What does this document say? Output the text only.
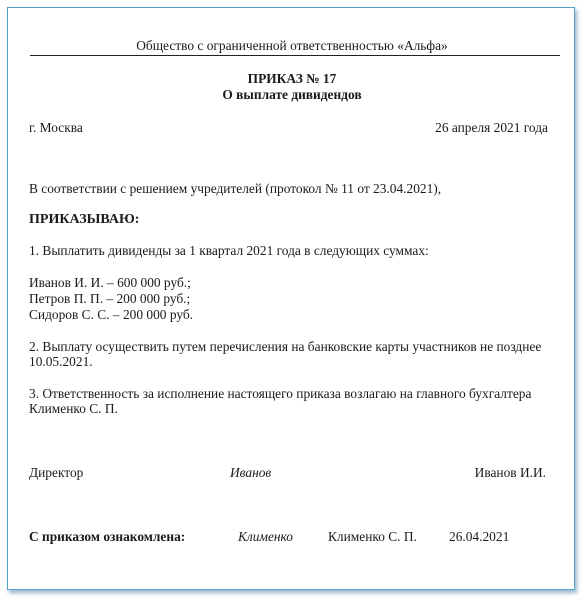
Общество с ограниченной ответственностью «Альфа»
ПРИКАЗ № 17
О выплате дивидендов
г. Москва	26 апреля 2021 года
В соответствии с решением учредителей (протокол № 11 от 23.04.2021),
ПРИКАЗЫВАЮ:
1. Выплатить дивиденды за 1 квартал 2021 года в следующих суммах:
Иванов И. И. – 600 000 руб.;
Петров П. П. – 200 000 руб.;
Сидоров С. С. – 200 000 руб.
2. Выплату осуществить путем перечисления на банковские карты участников не позднее 10.05.2021.
3. Ответственность за исполнение настоящего приказа возлагаю на главного бухгалтера Клименко С. П.
Директор	Иванов	Иванов И.И.
С приказом ознакомлена:	Клименко	Клименко С. П. 26.04.2021
